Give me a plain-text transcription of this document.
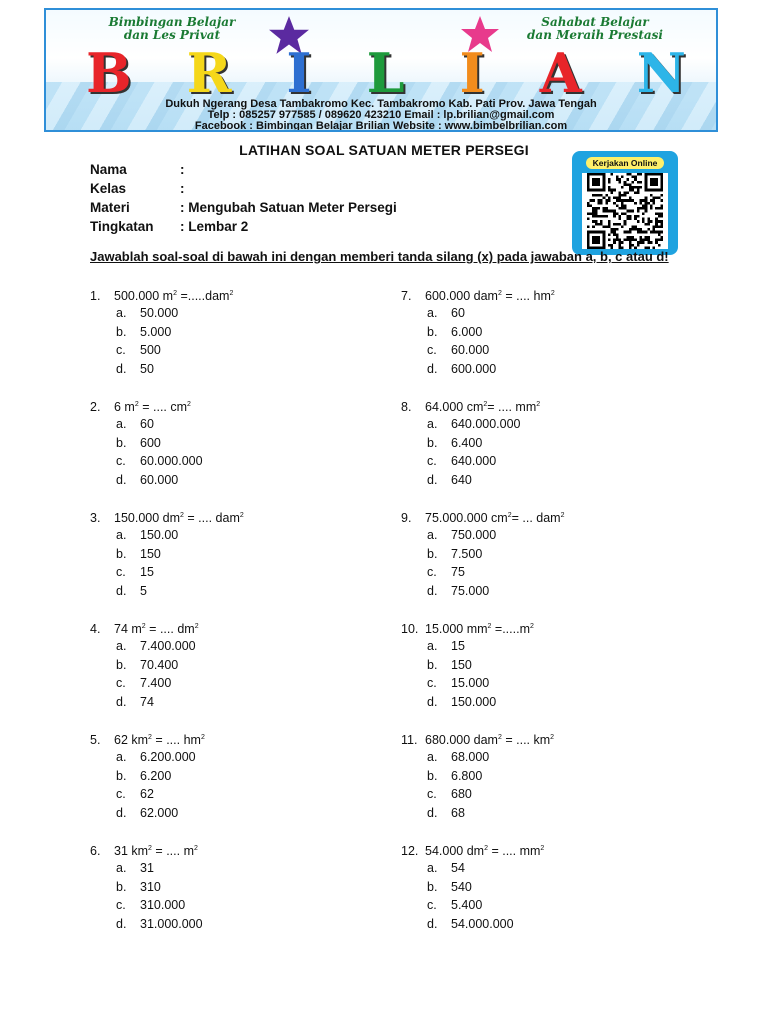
Bimbingan Belajar
dan Les Privat
Sahabat Belajar
dan Meraih Prestasi
B R I L I A N
Dukuh Ngerang Desa Tambakromo Kec. Tambakromo Kab. Pati Prov. Jawa Tengah
Telp : 085257 977585 / 089620 423210 Email : lp.brilian@gmail.com
Facebook : Bimbingan Belajar Brilian Website : www.bimbelbrilian.com
LATIHAN SOAL SATUAN METER PERSEGI
Nama	:
Kelas	:
Materi	: Mengubah Satuan Meter Persegi
Tingkatan	: Lembar 2
Kerjakan Online
Jawablah soal-soal di bawah ini dengan memberi tanda silang (x) pada jawaban a, b, c atau d!
1. 500.000 $m^2 =.....dam^2$
a. 50.000
b. 5.000
c. 500
d. 50
2. 6 $m^2$ = .... $cm^2$
a. 60
b. 600
c. 60.000.000
d. 60.000
3. 150.000 $dm^2$ = .... dam$^2$
a. 150.00
b. 150
c. 15
d. 5
4. 74 $m^2$ = .... $dm^2$
a. 7.400.000
b. 70.400
c. 7.400
d. 74
5. 62 $km^2$ = .... $hm^2$
a. 6.200.000
b. 6.200
c. 62
d. 62.000
6. 31 $km^2$ = .... $m^2$
a. 31
b. 310
c. 310.000
d. 31.000.000
7. 600.000 dam$^2$ = .... $hm^2$
a. 60
b. 6.000
c. 60.000
d. 600.000
8. 64.000 $cm^2=$ .... $mm^2$
a. 640.000.000
b. 6.400
c. 640.000
d. 640
9. 75.000.000 $cm^2=$ ... dam$^2$
a. 750.000
b. 7.500
c. 75
d. 75.000
10. 15.000 $mm^2 =.....m^2$
a. 15
b. 150
c. 15.000
d. 150.000
11. 680.000 dam$^2$ = .... $km^2$
a. 68.000
b. 6.800
c. 680
d. 68
12. 54.000 $dm^2$ = .... $mm^2$
a. 54
b. 540
c. 5.400
d. 54.000.000
